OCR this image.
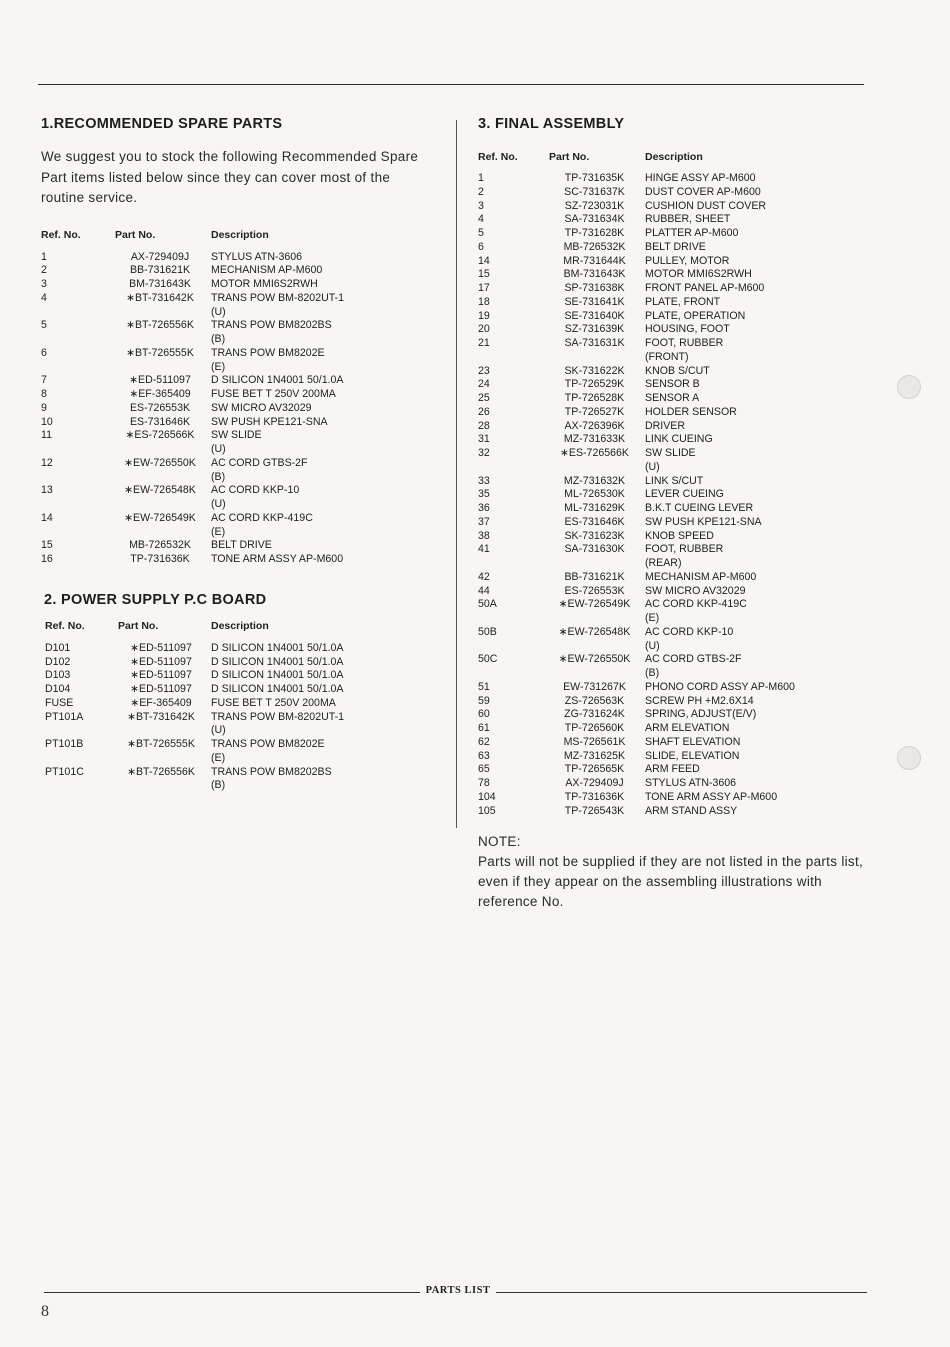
1.RECOMMENDED SPARE PARTS

We suggest you to stock the following Recommended Spare Part items listed below since they can cover most of the routine service.

Ref. No.	Part No.	Description
1	AX-729409J	STYLUS ATN-3606
2	BB-731621K	MECHANISM AP-M600
3	BM-731643K	MOTOR MMI6S2RWH
4	∗BT-731642K	TRANS POW BM-8202UT-1
(U)
5	∗BT-726556K	TRANS POW BM8202BS
(B)
6	∗BT-726555K	TRANS POW BM8202E
(E)
7	∗ED-511097	D SILICON 1N4001 50/1.0A
8	∗EF-365409	FUSE BET T 250V 200MA
9	ES-726553K	SW MICRO AV32029
10	ES-731646K	SW PUSH KPE121-SNA
11	∗ES-726566K	SW SLIDE
(U)
12	∗EW-726550K	AC CORD GTBS-2F
(B)
13	∗EW-726548K	AC CORD KKP-10
(U)
14	∗EW-726549K	AC CORD KKP-419C
(E)
15	MB-726532K	BELT DRIVE
16	TP-731636K	TONE ARM ASSY AP-M600
2. POWER SUPPLY P.C BOARD
Ref. No.	Part No.	Description
D101	∗ED-511097	D SILICON 1N4001 50/1.0A
D102	∗ED-511097	D SILICON 1N4001 50/1.0A
D103	∗ED-511097	D SILICON 1N4001 50/1.0A
D104	∗ED-511097	D SILICON 1N4001 50/1.0A
FUSE	∗EF-365409	FUSE BET T 250V 200MA
PT101A	∗BT-731642K	TRANS POW BM-8202UT-1
(U)
PT101B	∗BT-726555K	TRANS POW BM8202E
(E)
PT101C	∗BT-726556K	TRANS POW BM8202BS
(B)
3. FINAL ASSEMBLY
Ref. No.	Part No.	Description
1	TP-731635K	HINGE ASSY AP-M600
2	SC-731637K	DUST COVER AP-M600
3	SZ-723031K	CUSHION DUST COVER
4	SA-731634K	RUBBER, SHEET
5	TP-731628K	PLATTER AP-M600
6	MB-726532K	BELT DRIVE
14	MR-731644K	PULLEY, MOTOR
15	BM-731643K	MOTOR MMI6S2RWH
17	SP-731638K	FRONT PANEL AP-M600
18	SE-731641K	PLATE, FRONT
19	SE-731640K	PLATE, OPERATION
20	SZ-731639K	HOUSING, FOOT
21	SA-731631K	FOOT, RUBBER
(FRONT)
23	SK-731622K	KNOB S/CUT
24	TP-726529K	SENSOR B
25	TP-726528K	SENSOR A
26	TP-726527K	HOLDER SENSOR
28	AX-726396K	DRIVER
31	MZ-731633K	LINK CUEING
32	∗ES-726566K	SW SLIDE
(U)
33	MZ-731632K	LINK S/CUT
35	ML-726530K	LEVER CUEING
36	ML-731629K	B.K.T CUEING LEVER
37	ES-731646K	SW PUSH KPE121-SNA
38	SK-731623K	KNOB SPEED
41	SA-731630K	FOOT, RUBBER
(REAR)
42	BB-731621K	MECHANISM AP-M600
44	ES-726553K	SW MICRO AV32029
50A	∗EW-726549K	AC CORD KKP-419C
(E)
50B	∗EW-726548K	AC CORD KKP-10
(U)
50C	∗EW-726550K	AC CORD GTBS-2F
(B)
51	EW-731267K	PHONO CORD ASSY AP-M600
59	ZS-726563K	SCREW PH +M2.6X14
60	ZG-731624K	SPRING, ADJUST(E/V)
61	TP-726560K	ARM ELEVATION
62	MS-726561K	SHAFT ELEVATION
63	MZ-731625K	SLIDE, ELEVATION
65	TP-726565K	ARM FEED
78	AX-729409J	STYLUS ATN-3606
104	TP-731636K	TONE ARM ASSY AP-M600
105	TP-726543K	ARM STAND ASSY
NOTE:
Parts will not be supplied if they are not listed in the parts list, even if they appear on the assembling illustrations with reference No.
PARTS LIST
8
